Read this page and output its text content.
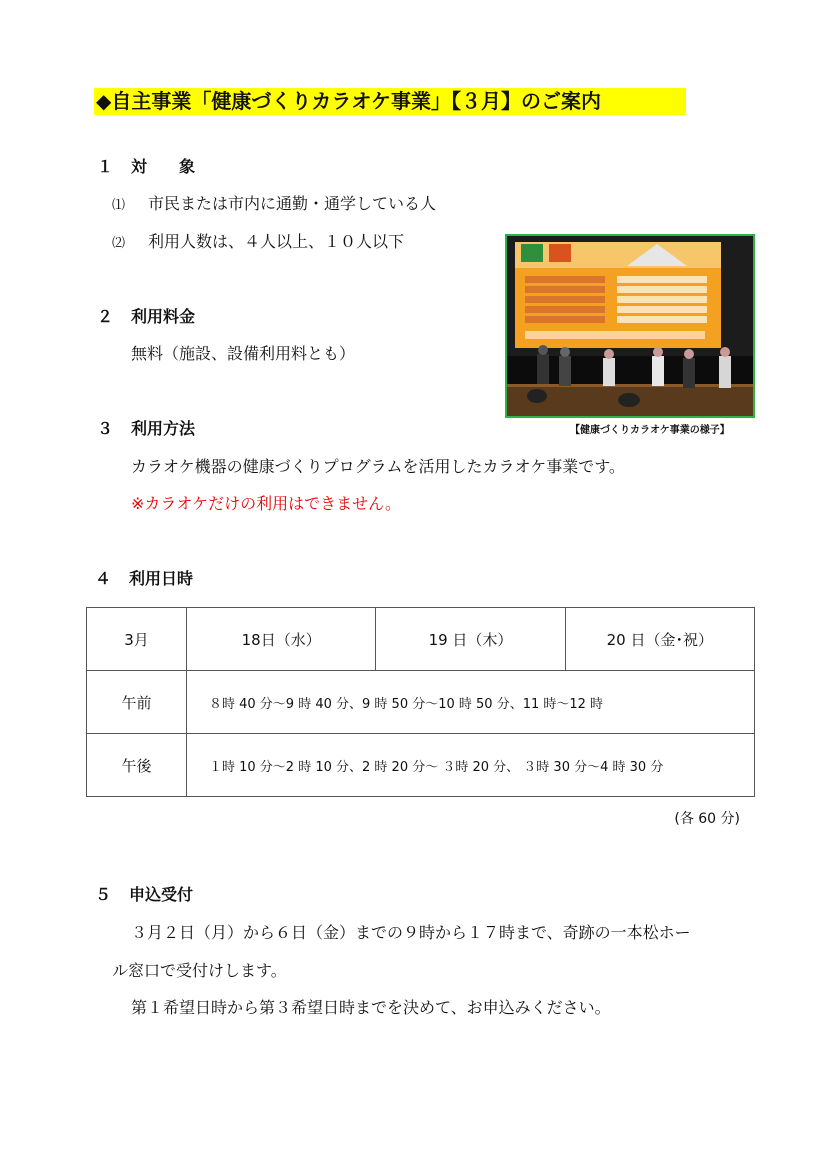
◆自主事業「健康づくりカラオケ事業」【３月】のご案内
１ 対　　象
⑴ 市民または市内に通勤・通学している人
⑵ 利用人数は、４人以上、１０人以下
【健康づくりカラオケ事業の様子】
２ 利用料金
無料（施設、設備利用料とも）
３ 利用方法
カラオケ機器の健康づくりプログラムを活用したカラオケ事業です。
※カラオケだけの利用はできません。
４ 利用日時
3月	18日（水）	19 日（木）	20 日（金･祝）
午前	８時 40 分～9 時 40 分、9 時 50 分～10 時 50 分、11 時～12 時		
午後	１時 10 分～2 時 10 分、2 時 20 分～ ３時 20 分、 ３時 30 分～4 時 30 分		
(各 60 分)
５ 申込受付
３月２日（月）から６日（金）までの９時から１７時まで、奇跡の一本松ホー
ル窓口で受付けします。
第１希望日時から第３希望日時までを決めて、お申込みください。
